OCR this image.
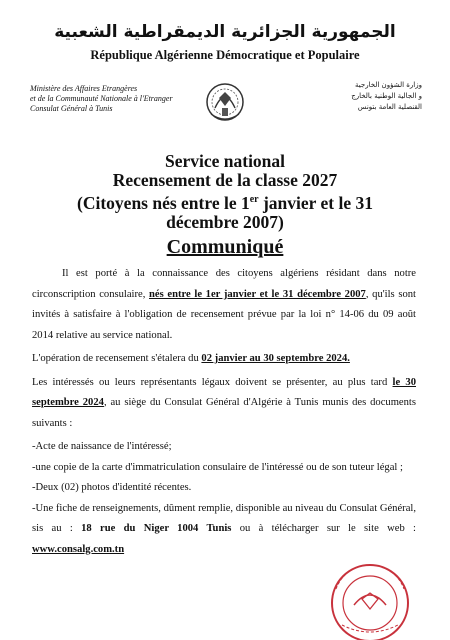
الجمهورية الجزائرية الديمقراطية الشعبية
République Algérienne Démocratique et Populaire
Ministère des Affaires Etrangères
et de la Communauté Nationale à l'Etranger
Consulat Général à Tunis
وزارة الشؤون الخارجية
و الجالية الوطنية بالخارج
القنصلية العامة بتونس
Service national
Recensement de la classe 2027
(Citoyens nés entre le 1er janvier et le 31
décembre 2007)
Communiqué

Il est porté à la connaissance des citoyens algériens résidant dans notre circonscription consulaire, nés entre le 1er janvier et le 31 décembre 2007, qu'ils sont invités à satisfaire à l'obligation de recensement prévue par la loi n° 14-06 du 09 août 2014 relative au service national.

L'opération de recensement s'étalera du 02 janvier au 30 septembre 2024.

Les intéressés ou leurs représentants légaux doivent se présenter, au plus tard le 30 septembre 2024, au siège du Consulat Général d'Algérie à Tunis munis des documents suivants :

-Acte de naissance de l'intéressé;
-une copie de la carte d'immatriculation consulaire de l'intéressé ou de son tuteur légal ;
-Deux (02) photos d'identité récentes.
-Une fiche de renseignements, dûment remplie, disponible au niveau du Consulat Général, sis au : 18 rue du Niger 1004 Tunis ou à télécharger sur le site web : www.consalg.com.tn
